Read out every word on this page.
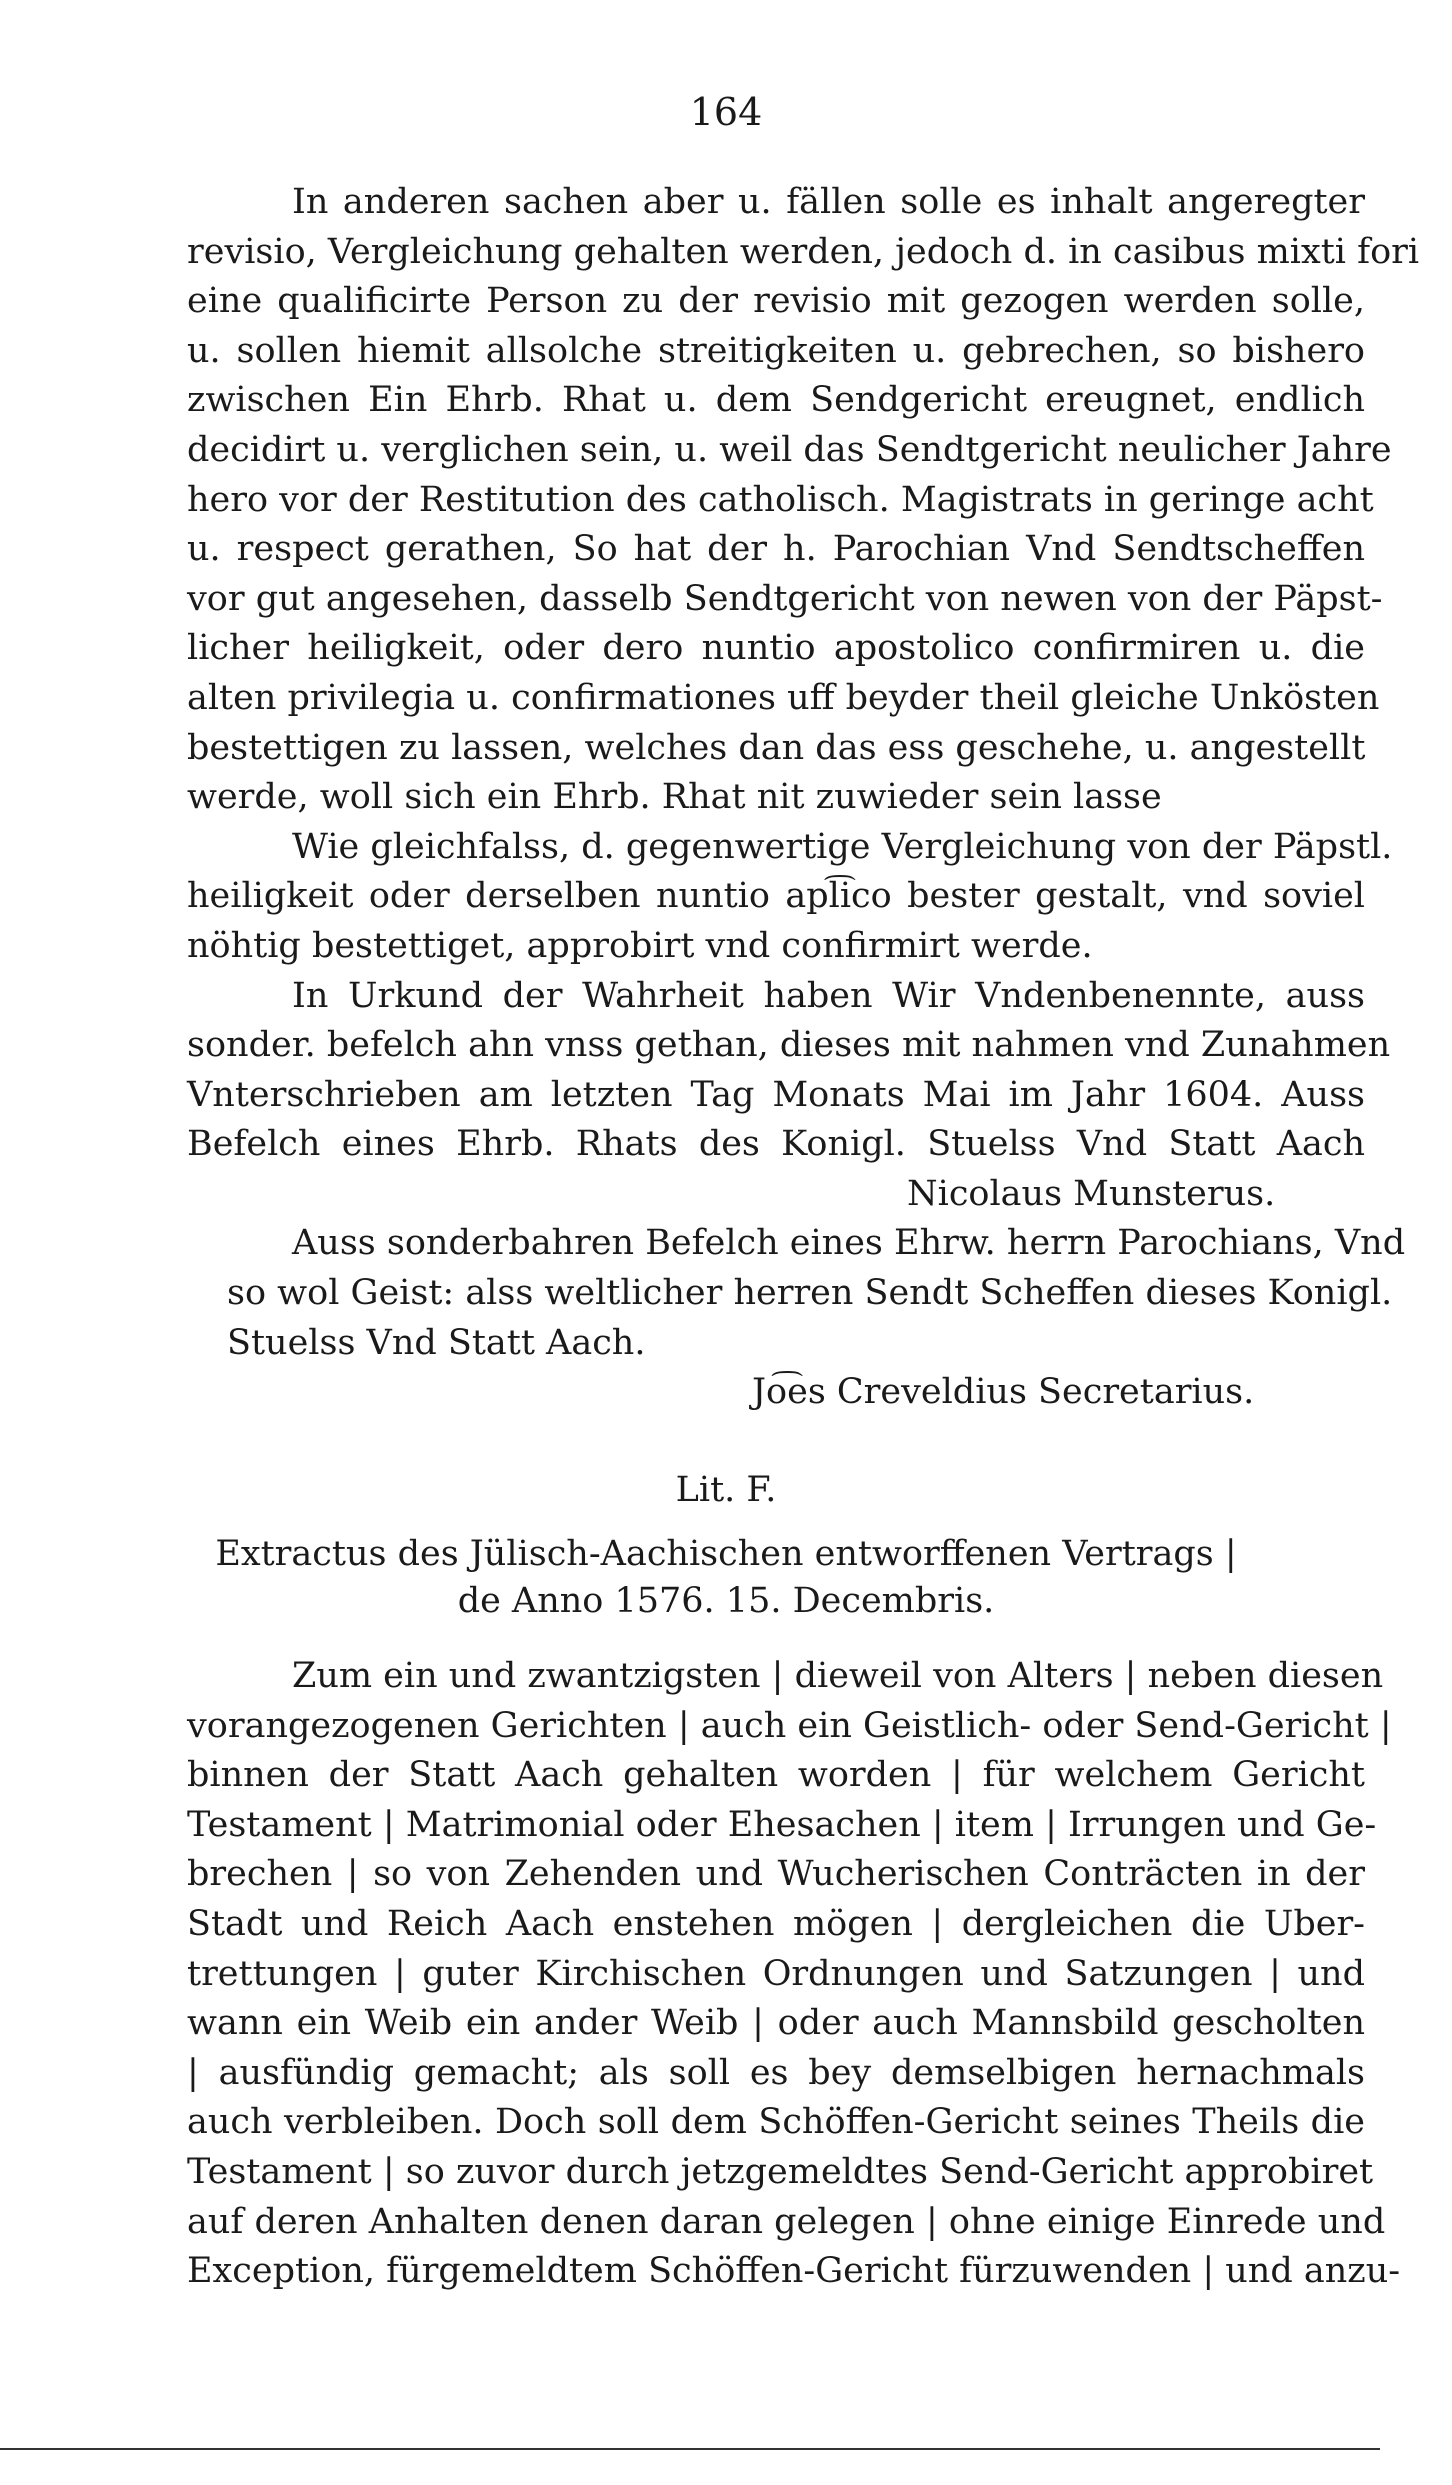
164
In anderen sachen aber u. fällen solle es inhalt angeregter
revisio, Vergleichung gehalten werden, jedoch d. in casibus mixti fori
eine qualificirte Person zu der revisio mit gezogen werden solle,
u. sollen hiemit allsolche streitigkeiten u. gebrechen, so bishero
zwischen Ein Ehrb. Rhat u. dem Sendgericht ereugnet, endlich
decidirt u. verglichen sein, u. weil das Sendtgericht neulicher Jahre
hero vor der Restitution des catholisch. Magistrats in geringe acht
u. respect gerathen, So hat der h. Parochian Vnd Sendtscheffen
vor gut angesehen, dasselb Sendtgericht von newen von der Päpst-
licher heiligkeit, oder dero nuntio apostolico confirmiren u. die
alten privilegia u. confirmationes uff beyder theil gleiche Unkösten
bestettigen zu lassen, welches dan das ess geschehe, u. angestellt
werde, woll sich ein Ehrb. Rhat nit zuwieder sein lasse
Wie gleichfalss, d. gegenwertige Vergleichung von der Päpstl.
heiligkeit oder derselben nuntio apl͡ico bester gestalt, vnd soviel
nöhtig bestettiget, approbirt vnd confirmirt werde.
In Urkund der Wahrheit haben Wir Vndenbenennte, auss
sonder. befelch ahn vnss gethan, dieses mit nahmen vnd Zunahmen
Vnterschrieben am letzten Tag Monats Mai im Jahr 1604. Auss
Befelch eines Ehrb. Rhats des Konigl. Stuelss Vnd Statt Aach
Nicolaus Munsterus.
Auss sonderbahren Befelch eines Ehrw. herrn Parochians, Vnd
so wol Geist: alss weltlicher herren Sendt Scheffen dieses Konigl.
Stuelss Vnd Statt Aach.
Jo͡es Creveldius Secretarius.
Lit. F.
Extractus des Jülisch-Aachischen entworffenen Vertrags |
de Anno 1576. 15. Decembris.
Zum ein und zwantzigsten | dieweil von Alters | neben diesen
vorangezogenen Gerichten | auch ein Geistlich- oder Send-Gericht |
binnen der Statt Aach gehalten worden | für welchem Gericht
Testament | Matrimonial oder Ehesachen | item | Irrungen und Ge-
brechen | so von Zehenden und Wucherischen Conträcten in der
Stadt und Reich Aach enstehen mögen | dergleichen die Uber-
trettungen | guter Kirchischen Ordnungen und Satzungen | und
wann ein Weib ein ander Weib | oder auch Mannsbild gescholten
| ausfündig gemacht; als soll es bey demselbigen hernachmals
auch verbleiben. Doch soll dem Schöffen-Gericht seines Theils die
Testament | so zuvor durch jetzgemeldtes Send-Gericht approbiret
auf deren Anhalten denen daran gelegen | ohne einige Einrede und
Exception, fürgemeldtem Schöffen-Gericht fürzuwenden | und anzu-
